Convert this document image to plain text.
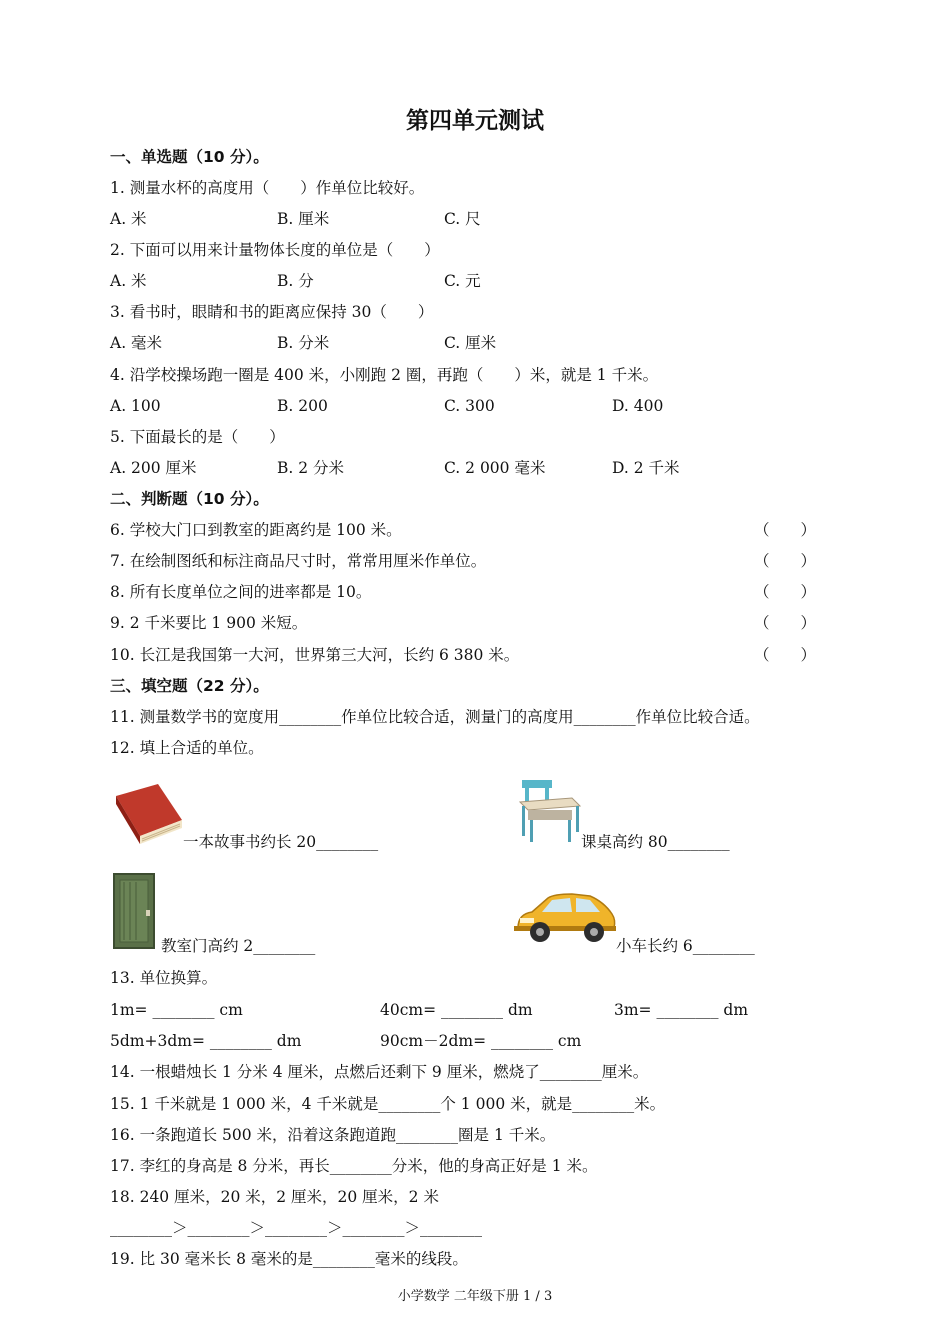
第四单元测试
一、单选题（10 分）。
1. 测量水杯的高度用（　　）作单位比较好。
A. 米	B. 厘米	C. 尺
2. 下面可以用来计量物体长度的单位是（　　）
A. 米	B. 分	C. 元
3. 看书时，眼睛和书的距离应保持 30（　　）
A. 毫米	B. 分米	C. 厘米
4. 沿学校操场跑一圈是 400 米，小刚跑 2 圈，再跑（　　）米，就是 1 千米。
A. 100	B. 200	C. 300	D. 400
5. 下面最长的是（　　）
A. 200 厘米	B. 2 分米	C. 2 000 毫米	D. 2 千米
二、判断题（10 分）。
6. 学校大门口到教室的距离约是 100 米。	（　　）
7. 在绘制图纸和标注商品尺寸时，常常用厘米作单位。	（　　）
8. 所有长度单位之间的进率都是 10。	（　　）
9. 2 千米要比 1 900 米短。	（　　）
10. 长江是我国第一大河，世界第三大河，长约 6 380 米。	（　　）
三、填空题（22 分）。
11. 测量数学书的宽度用________作单位比较合适，测量门的高度用________作单位比较合适。
12. 填上合适的单位。
一本故事书约长 20________	课桌高约 80________
教室门高约 2________	小车长约 6________
13. 单位换算。
1m= ________ cm	40cm= ________ dm	3m= ________ dm
5dm+3dm= ________ dm	90cm－2dm= ________ cm
14. 一根蜡烛长 1 分米 4 厘米，点燃后还剩下 9 厘米，燃烧了________厘米。
15. 1 千米就是 1 000 米，4 千米就是________个 1 000 米，就是________米。
16. 一条跑道长 500 米，沿着这条跑道跑________圈是 1 千米。
17. 李红的身高是 8 分米，再长________分米，他的身高正好是 1 米。
18. 240 厘米，20 米，2 厘米，20 厘米，2 米
________＞________＞________＞________＞________
19. 比 30 毫米长 8 毫米的是________毫米的线段。
小学数学 二年级下册 1 / 3
